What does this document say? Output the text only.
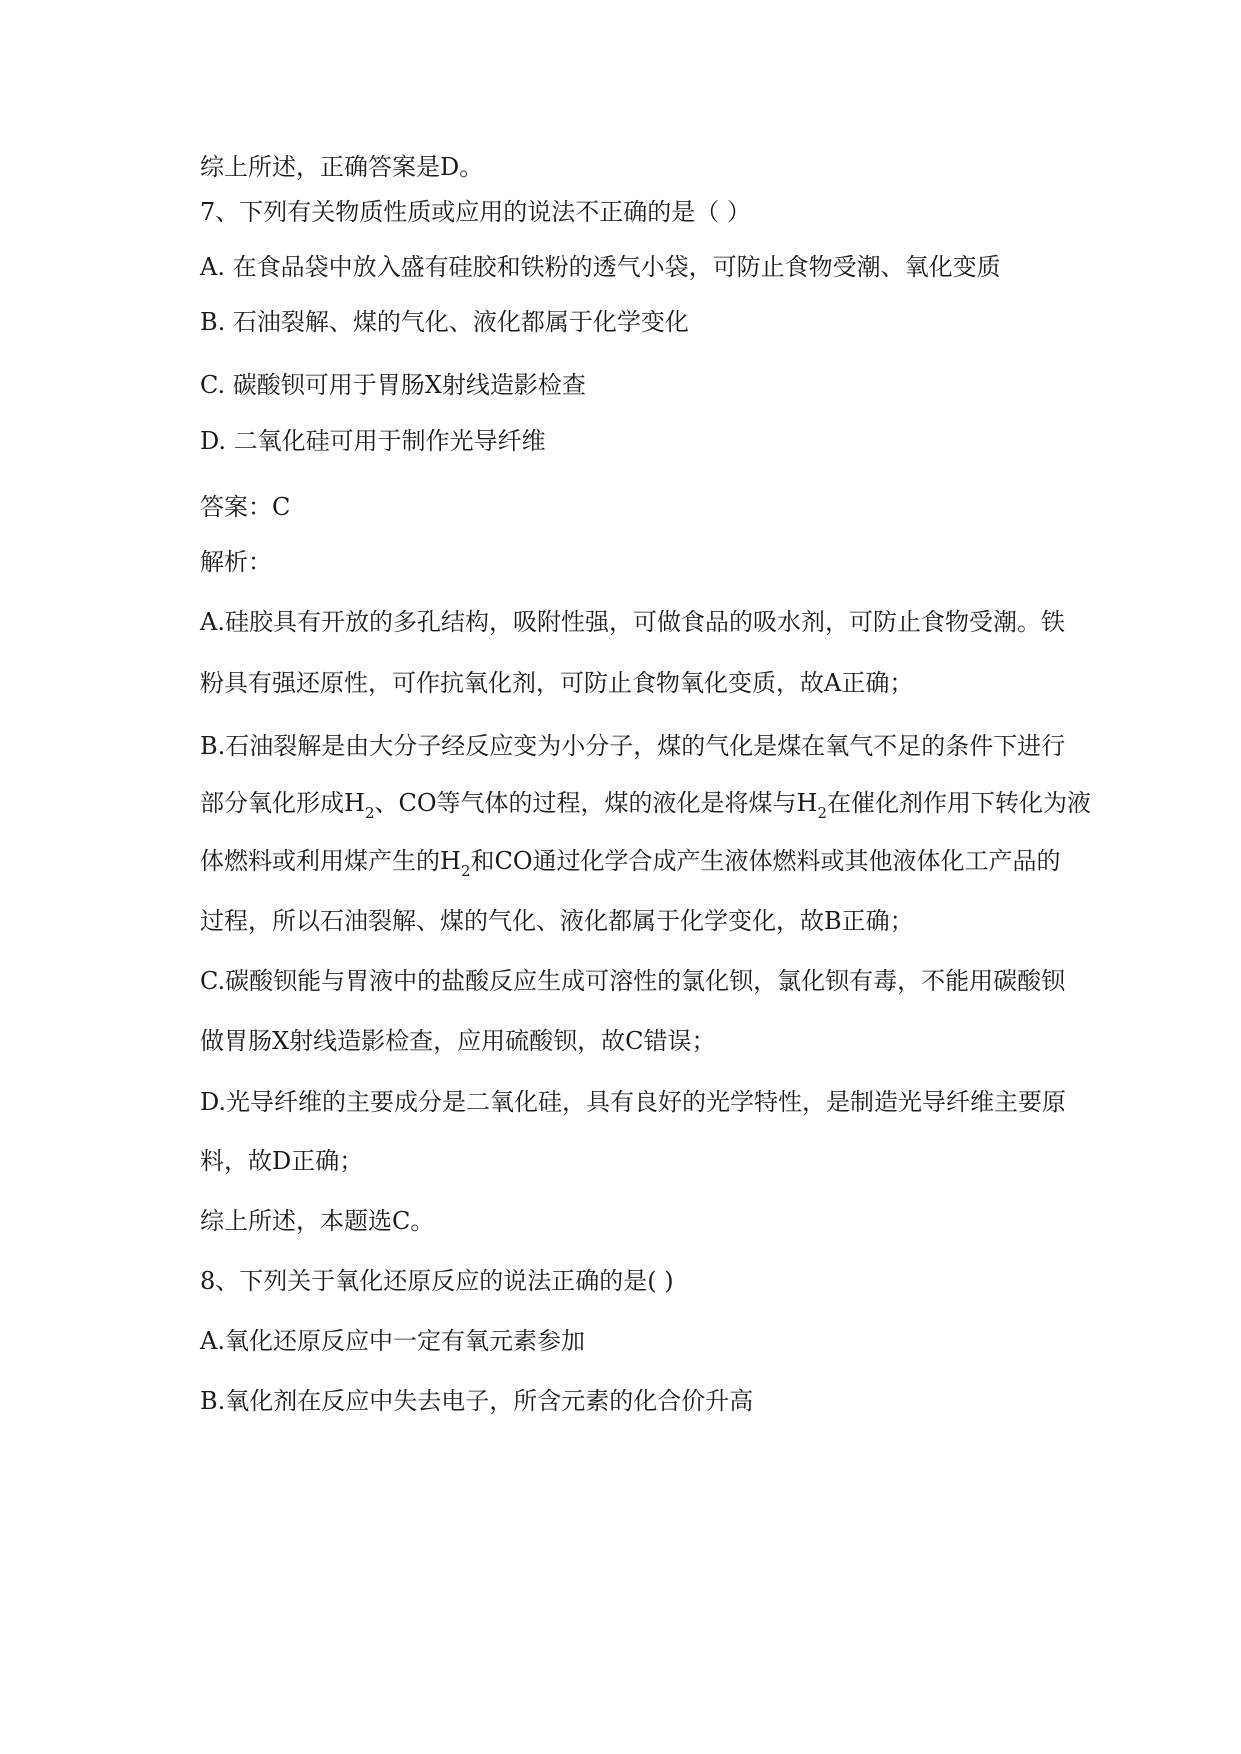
综上所述，正确答案是D。
7、下列有关物质性质或应用的说法不正确的是（ ）
A. 在食品袋中放入盛有硅胶和铁粉的透气小袋，可防止食物受潮、氧化变质
B. 石油裂解、煤的气化、液化都属于化学变化
C. 碳酸钡可用于胃肠X射线造影检查
D. 二氧化硅可用于制作光导纤维
答案：C
解析：
A.硅胶具有开放的多孔结构，吸附性强，可做食品的吸水剂，可防止食物受潮。铁
粉具有强还原性，可作抗氧化剂，可防止食物氧化变质，故A正确；
B.石油裂解是由大分子经反应变为小分子，煤的气化是煤在氧气不足的条件下进行
部分氧化形成$H_2$、CO等气体的过程，煤的液化是将煤与$H_2$在催化剂作用下转化为液
体燃料或利用煤产生的$H_2$和CO通过化学合成产生液体燃料或其他液体化工产品的
过程，所以石油裂解、煤的气化、液化都属于化学变化，故B正确；
C.碳酸钡能与胃液中的盐酸反应生成可溶性的氯化钡，氯化钡有毒，不能用碳酸钡
做胃肠X射线造影检查，应用硫酸钡，故C错误；
D.光导纤维的主要成分是二氧化硅，具有良好的光学特性，是制造光导纤维主要原
料，故D正确；
综上所述，本题选C。
8、下列关于氧化还原反应的说法正确的是( )
A.氧化还原反应中一定有氧元素参加
B.氧化剂在反应中失去电子，所含元素的化合价升高
